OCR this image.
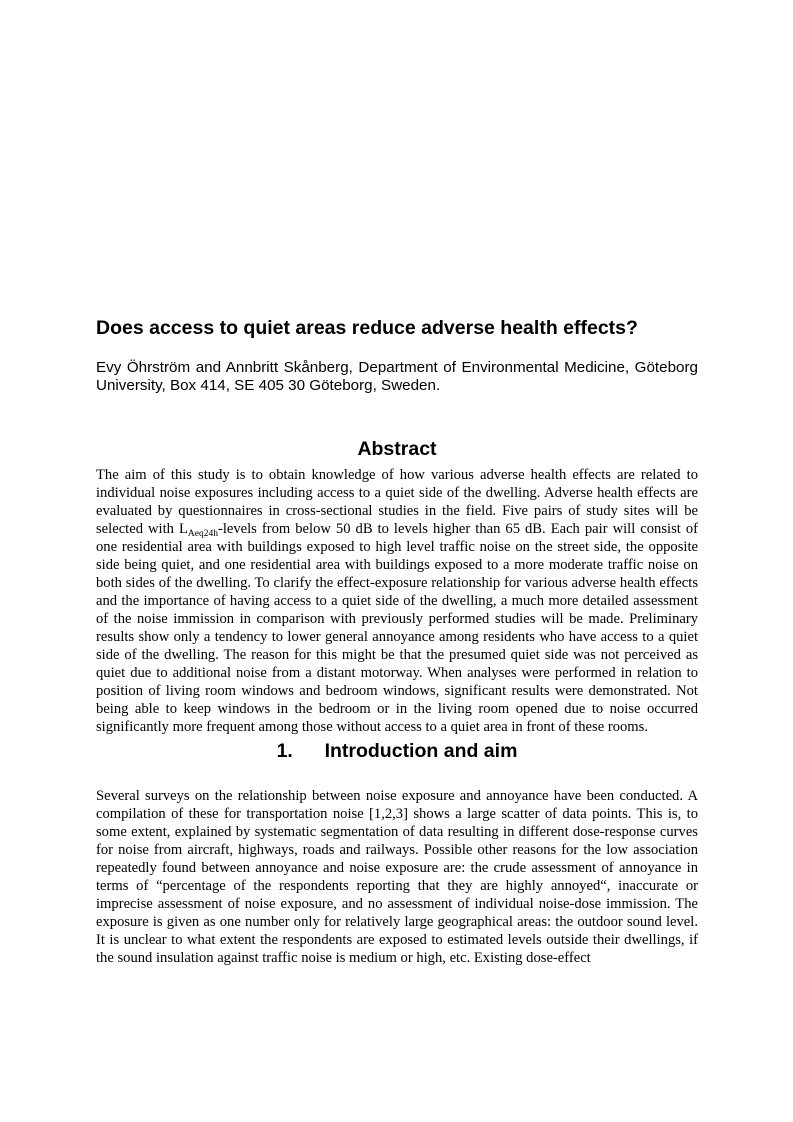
Does access to quiet areas reduce adverse health effects?

Evy Öhrström and Annbritt Skånberg, Department of Environmental Medicine, Göteborg University, Box 414, SE 405 30 Göteborg, Sweden.

Abstract

The aim of this study is to obtain knowledge of how various adverse health effects are related to individual noise exposures including access to a quiet side of the dwelling. Adverse health effects are evaluated by questionnaires in cross-sectional studies in the field. Five pairs of study sites will be selected with $L_{Aeq24h}$-levels from below 50 dB to levels higher than 65 dB. Each pair will consist of one residential area with buildings exposed to high level traffic noise on the street side, the opposite side being quiet, and one residential area with buildings exposed to a more moderate traffic noise on both sides of the dwelling. To clarify the effect-exposure relationship for various adverse health effects and the importance of having access to a quiet side of the dwelling, a much more detailed assessment of the noise immission in comparison with previously performed studies will be made. Preliminary results show only a tendency to lower general annoyance among residents who have access to a quiet side of the dwelling. The reason for this might be that the presumed quiet side was not perceived as quiet due to additional noise from a distant motorway. When analyses were performed in relation to position of living room windows and bedroom windows, significant results were demonstrated. Not being able to keep windows in the bedroom or in the living room opened due to noise occurred significantly more frequent among those without access to a quiet area in front of these rooms.

1. Introduction and aim

Several surveys on the relationship between noise exposure and annoyance have been conducted. A compilation of these for transportation noise [1,2,3] shows a large scatter of data points. This is, to some extent, explained by systematic segmentation of data resulting in different dose-response curves for noise from aircraft, highways, roads and railways. Possible other reasons for the low association repeatedly found between annoyance and noise exposure are: the crude assessment of annoyance in terms of “percentage of the respondents reporting that they are highly annoyed“, inaccurate or imprecise assessment of noise exposure, and no assessment of individual noise-dose immission. The exposure is given as one number only for relatively large geographical areas: the outdoor sound level. It is unclear to what extent the respondents are exposed to estimated levels outside their dwellings, if the sound insulation against traffic noise is medium or high, etc. Existing dose-effect
